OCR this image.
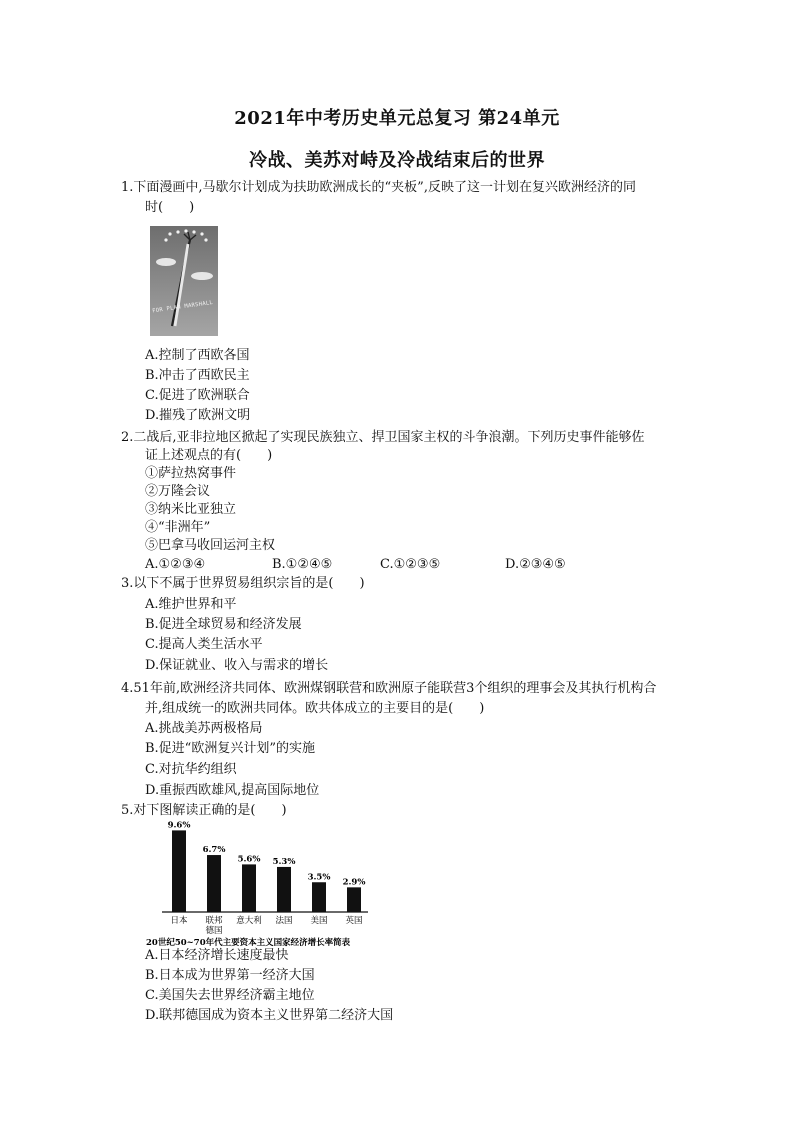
2021年中考历史单元总复习 第24单元
冷战、美苏对峙及冷战结束后的世界
1.下面漫画中,马歇尔计划成为扶助欧洲成长的“夹板”,反映了这一计划在复兴欧洲经济的同
时(　　)
FOR PLAN MARSHALL
A.控制了西欧各国
B.冲击了西欧民主
C.促进了欧洲联合
D.摧残了欧洲文明
2.二战后,亚非拉地区掀起了实现民族独立、捍卫国家主权的斗争浪潮。下列历史事件能够佐
证上述观点的有(　　)
①萨拉热窝事件
②万隆会议
③纳米比亚独立
④“非洲年”
⑤巴拿马收回运河主权
A.①②③④	B.①②④⑤	C.①②③⑤	D.②③④⑤
3.以下不属于世界贸易组织宗旨的是(　　)
A.维护世界和平
B.促进全球贸易和经济发展
C.提高人类生活水平
D.保证就业、收入与需求的增长
4.51年前,欧洲经济共同体、欧洲煤钢联营和欧洲原子能联营3个组织的理事会及其执行机构合
并,组成统一的欧洲共同体。欧共体成立的主要目的是(　　)
A.挑战美苏两极格局
B.促进“欧洲复兴计划”的实施
C.对抗华约组织
D.重振西欧雄风,提高国际地位
5.对下图解读正确的是(　　)
9.6%
6.7%
5.6% 5.3%
3.5%
2.9%
日本 联邦
德国
意大利 法国 美国 英国
20世纪50~70年代主要资本主义国家经济增长率简表
A.日本经济增长速度最快
B.日本成为世界第一经济大国
C.美国失去世界经济霸主地位
D.联邦德国成为资本主义世界第二经济大国
